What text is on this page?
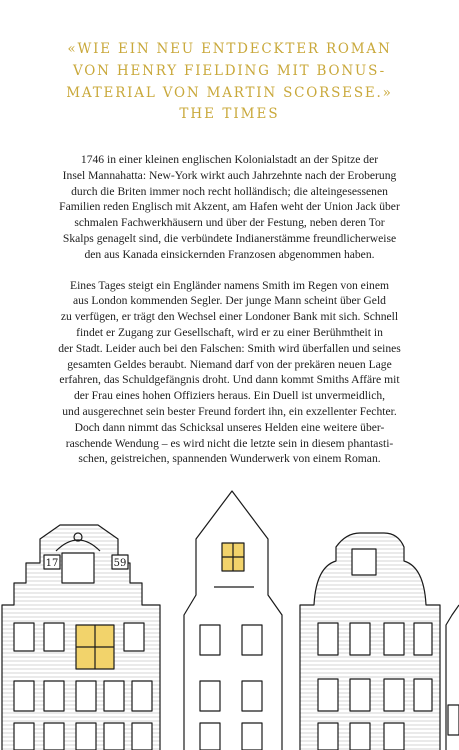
«WIE EIN NEU ENTDECKTER ROMAN
VON HENRY FIELDING MIT BONUS-
MATERIAL VON MARTIN SCORSESE.»
THE TIMES
1746 in einer kleinen englischen Kolonialstadt an der Spitze der
Insel Mannahatta: New-York wirkt auch Jahrzehnte nach der Eroberung
durch die Briten immer noch recht holländisch; die alteingesessenen
Familien reden Englisch mit Akzent, am Hafen weht der Union Jack über
schmalen Fachwerkhäusern und über der Festung, neben deren Tor
Skalps genagelt sind, die verbündete Indianerstämme freundlicherweise
den aus Kanada einsickernden Franzosen abgenommen haben.
Eines Tages steigt ein Engländer namens Smith im Regen von einem
aus London kommenden Segler. Der junge Mann scheint über Geld
zu verfügen, er trägt den Wechsel einer Londoner Bank mit sich. Schnell
findet er Zugang zur Gesellschaft, wird er zu einer Berühmtheit in
der Stadt. Leider auch bei den Falschen: Smith wird überfallen und seines
gesamten Geldes beraubt. Niemand darf von der prekären neuen Lage
erfahren, das Schuldgefängnis droht. Und dann kommt Smiths Affäre mit
der Frau eines hohen Offiziers heraus. Ein Duell ist unvermeidlich,
und ausgerechnet sein bester Freund fordert ihn, ein exzellenter Fechter.
Doch dann nimmt das Schicksal unseres Helden eine weitere über-
raschende Wendung – es wird nicht die letzte sein in diesem phantasti-
schen, geistreichen, spannenden Wunderwerk von einem Roman.
17	59
